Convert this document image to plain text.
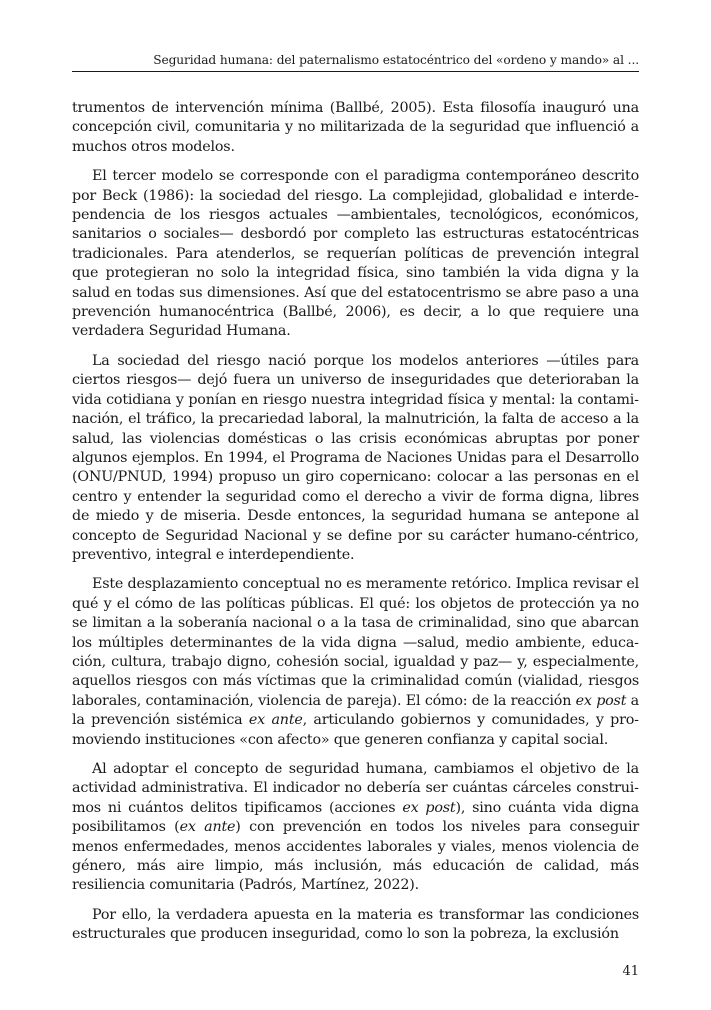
Seguridad humana: del paternalismo estatocéntrico del «ordeno y mando» al ...

trumentos de intervención mínima (Ballbé, 2005). Esta filosofía inauguró una concepción civil, comunitaria y no militarizada de la seguridad que influenció a muchos otros modelos.

El tercer modelo se corresponde con el paradigma contemporáneo descrito por Beck (1986): la sociedad del riesgo. La complejidad, globalidad e interdependencia de los riesgos actuales —ambientales, tecnológicos, económicos, sanitarios o sociales— desbordó por completo las estructuras estatocéntricas tradicionales. Para atenderlos, se requerían políticas de prevención integral que protegieran no solo la integridad física, sino también la vida digna y la salud en todas sus dimensiones. Así que del estatocentrismo se abre paso a una prevención humanocéntrica (Ballbé, 2006), es decir, a lo que requiere una verdadera Seguridad Humana.

La sociedad del riesgo nació porque los modelos anteriores —útiles para ciertos riesgos— dejó fuera un universo de inseguridades que deterioraban la vida cotidiana y ponían en riesgo nuestra integridad física y mental: la contaminación, el tráfico, la precariedad laboral, la malnutrición, la falta de acceso a la salud, las violencias domésticas o las crisis económicas abruptas por poner algunos ejemplos. En 1994, el Programa de Naciones Unidas para el Desarrollo (ONU/PNUD, 1994) propuso un giro copernicano: colocar a las personas en el centro y entender la seguridad como el derecho a vivir de forma digna, libres de miedo y de miseria. Desde entonces, la seguridad humana se antepone al concepto de Seguridad Nacional y se define por su carácter humano-céntrico, preventivo, integral e interdependiente.

Este desplazamiento conceptual no es meramente retórico. Implica revisar el qué y el cómo de las políticas públicas. El qué: los objetos de protección ya no se limitan a la soberanía nacional o a la tasa de criminalidad, sino que abarcan los múltiples determinantes de la vida digna —salud, medio ambiente, educación, cultura, trabajo digno, cohesión social, igualdad y paz— y, especialmente, aquellos riesgos con más víctimas que la criminalidad común (vialidad, riesgos laborales, contaminación, violencia de pareja). El cómo: de la reacción ex post a la prevención sistémica ex ante, articulando gobiernos y comunidades, y promoviendo instituciones «con afecto» que generen confianza y capital social.

Al adoptar el concepto de seguridad humana, cambiamos el objetivo de la actividad administrativa. El indicador no debería ser cuántas cárceles construimos ni cuántos delitos tipificamos (acciones ex post), sino cuánta vida digna posibilitamos (ex ante) con prevención en todos los niveles para conseguir menos enfermedades, menos accidentes laborales y viales, menos violencia de género, más aire limpio, más inclusión, más educación de calidad, más resiliencia comunitaria (Padrós, Martínez, 2022).

Por ello, la verdadera apuesta en la materia es transformar las condiciones estructurales que producen inseguridad, como lo son la pobreza, la exclusión

41
